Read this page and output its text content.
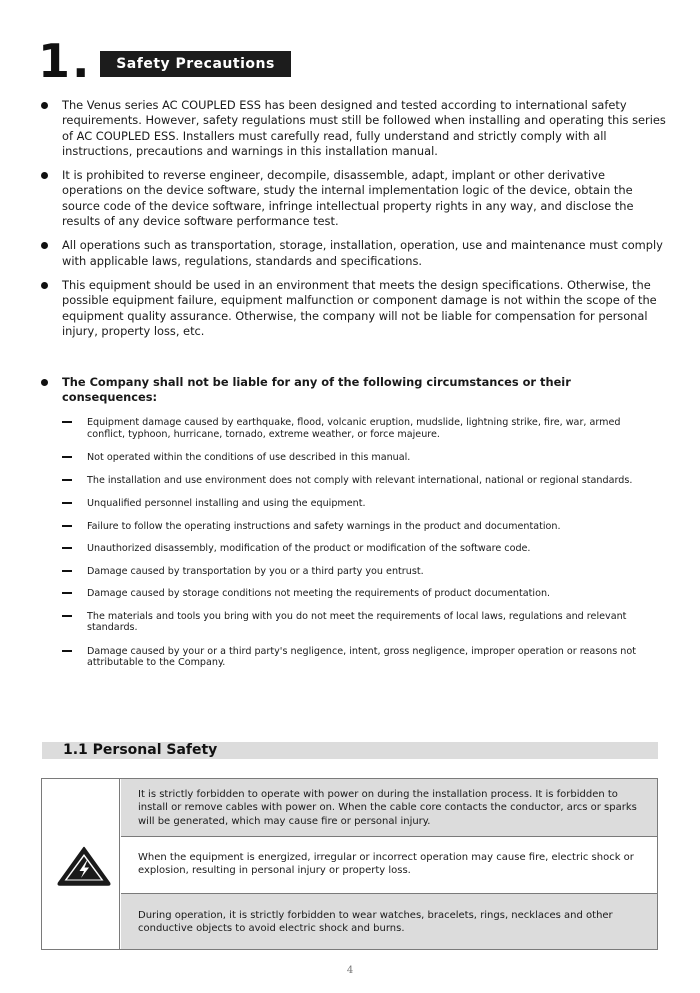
1.	Safety Precautions
The Venus series AC COUPLED ESS has been designed and tested according to international safety requirements. However, safety regulations must still be followed when installing and operating this series of AC COUPLED ESS. Installers must carefully read, fully understand and strictly comply with all instructions, precautions and warnings in this installation manual.
It is prohibited to reverse engineer, decompile, disassemble, adapt, implant or other derivative operations on the device software, study the internal implementation logic of the device, obtain the source code of the device software, infringe intellectual property rights in any way, and disclose the results of any device software performance test.
All operations such as transportation, storage, installation, operation, use and maintenance must comply with applicable laws, regulations, standards and specifications.
This equipment should be used in an environment that meets the design specifications. Otherwise, the possible equipment failure, equipment malfunction or component damage is not within the scope of the equipment quality assurance. Otherwise, the company will not be liable for compensation for personal injury, property loss, etc.
The Company shall not be liable for any of the following circumstances or their consequences:
Equipment damage caused by earthquake, flood, volcanic eruption, mudslide, lightning strike, fire, war, armed conflict, typhoon, hurricane, tornado, extreme weather, or force majeure.
Not operated within the conditions of use described in this manual.
The installation and use environment does not comply with relevant international, national or regional standards.
Unqualified personnel installing and using the equipment.
Failure to follow the operating instructions and safety warnings in the product and documentation.
Unauthorized disassembly, modification of the product or modification of the software code.
Damage caused by transportation by you or a third party you entrust.
Damage caused by storage conditions not meeting the requirements of product documentation.
The materials and tools you bring with you do not meet the requirements of local laws, regulations and relevant standards.
Damage caused by your or a third party's negligence, intent, gross negligence, improper operation or reasons not attributable to the Company.
1.1 Personal Safety
It is strictly forbidden to operate with power on during the installation process. It is forbidden to install or remove cables with power on. When the cable core contacts the conductor, arcs or sparks will be generated, which may cause fire or personal injury.
When the equipment is energized, irregular or incorrect operation may cause fire, electric shock or explosion, resulting in personal injury or property loss.
During operation, it is strictly forbidden to wear watches, bracelets, rings, necklaces and other conductive objects to avoid electric shock and burns.
4
